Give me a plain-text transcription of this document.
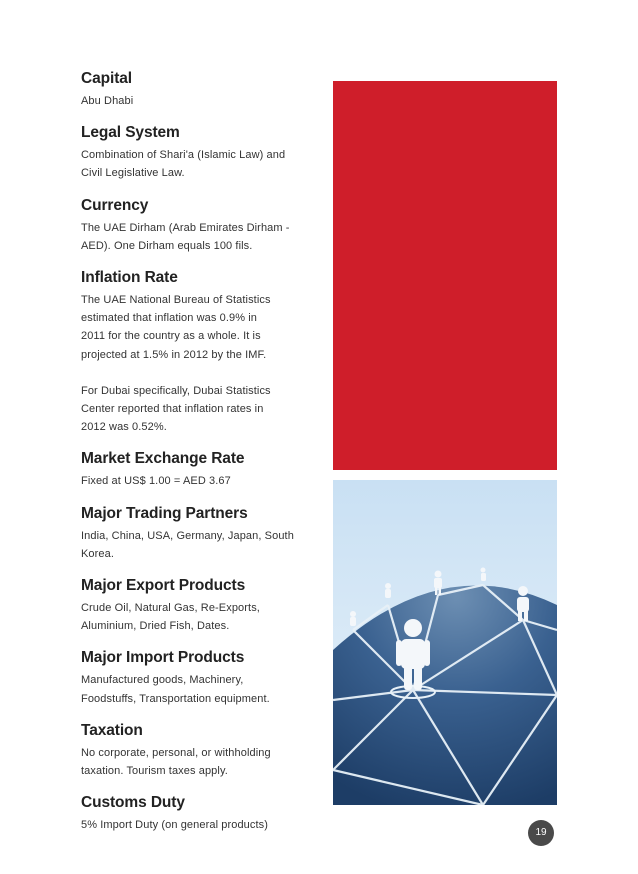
Capital
Abu Dhabi
Legal System
Combination of Shari'a (Islamic Law) and
Civil Legislative Law.
Currency
The UAE Dirham (Arab Emirates Dirham -
AED). One Dirham equals 100 fils.
Inflation Rate
The UAE National Bureau of Statistics
estimated that inflation was 0.9% in
2011 for the country as a whole. It is
projected at 1.5% in 2012 by the IMF.
For Dubai specifically, Dubai Statistics
Center reported that inflation rates in
2012 was 0.52%.
Market Exchange Rate
Fixed at US$ 1.00 = AED 3.67
Major Trading Partners
India, China, USA, Germany, Japan, South
Korea.
Major Export Products
Crude Oil, Natural Gas, Re-Exports,
Aluminium, Dried Fish, Dates.
Major Import Products
Manufactured goods, Machinery,
Foodstuffs, Transportation equipment.
Taxation
No corporate, personal, or withholding
taxation. Tourism taxes apply.
Customs Duty
5% Import Duty (on general products)
19
